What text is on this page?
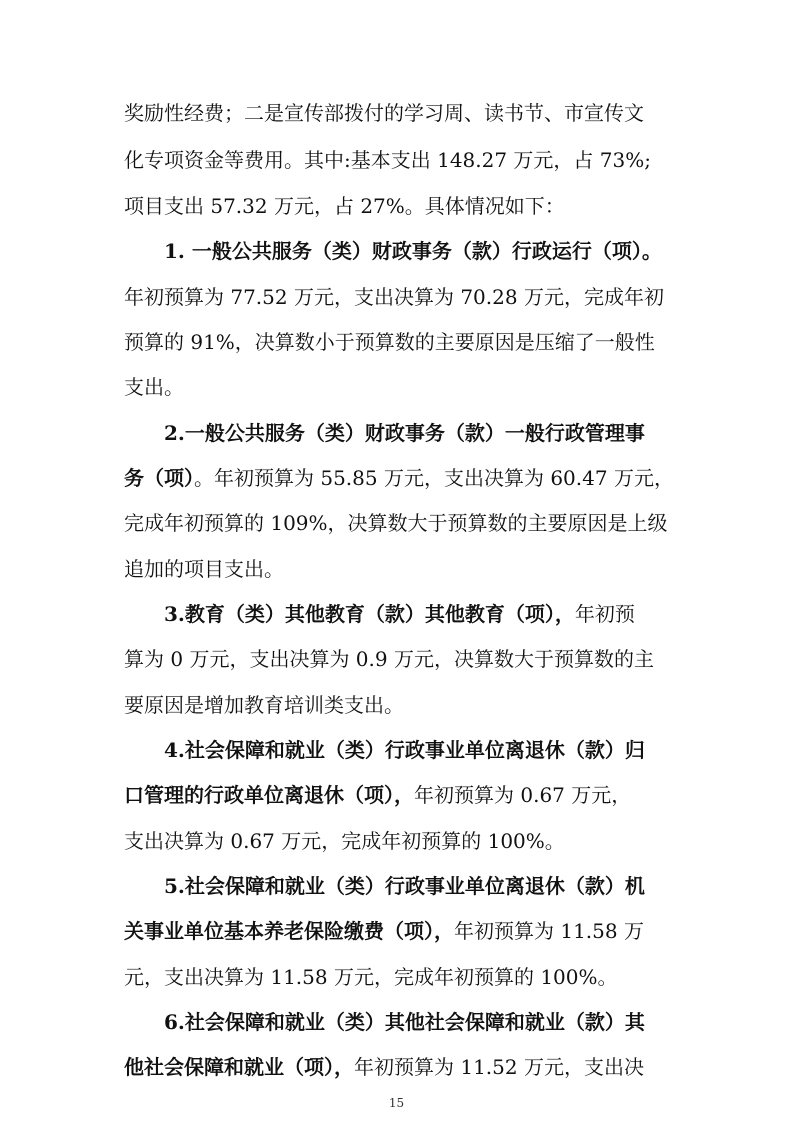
奖励性经费；二是宣传部拨付的学习周、读书节、市宣传文
化专项资金等费用。其中:基本支出 148.27 万元，占 73%;
项目支出 57.32 万元，占 27%。具体情况如下：
1. 一般公共服务（类）财政事务（款）行政运行（项）。
年初预算为 77.52 万元，支出决算为 70.28 万元，完成年初
预算的 91%，决算数小于预算数的主要原因是压缩了一般性
支出。
2.一般公共服务（类）财政事务（款）一般行政管理事
务（项）。年初预算为 55.85 万元，支出决算为 60.47 万元，
完成年初预算的 109%，决算数大于预算数的主要原因是上级
追加的项目支出。
3.教育（类）其他教育（款）其他教育（项），年初预
算为 0 万元，支出决算为 0.9 万元，决算数大于预算数的主
要原因是增加教育培训类支出。
4.社会保障和就业（类）行政事业单位离退休（款）归
口管理的行政单位离退休（项），年初预算为 0.67 万元，
支出决算为 0.67 万元，完成年初预算的 100%。
5.社会保障和就业（类）行政事业单位离退休（款）机
关事业单位基本养老保险缴费（项），年初预算为 11.58 万
元，支出决算为 11.58 万元，完成年初预算的 100%。
6.社会保障和就业（类）其他社会保障和就业（款）其
他社会保障和就业（项），年初预算为 11.52 万元，支出决
15
